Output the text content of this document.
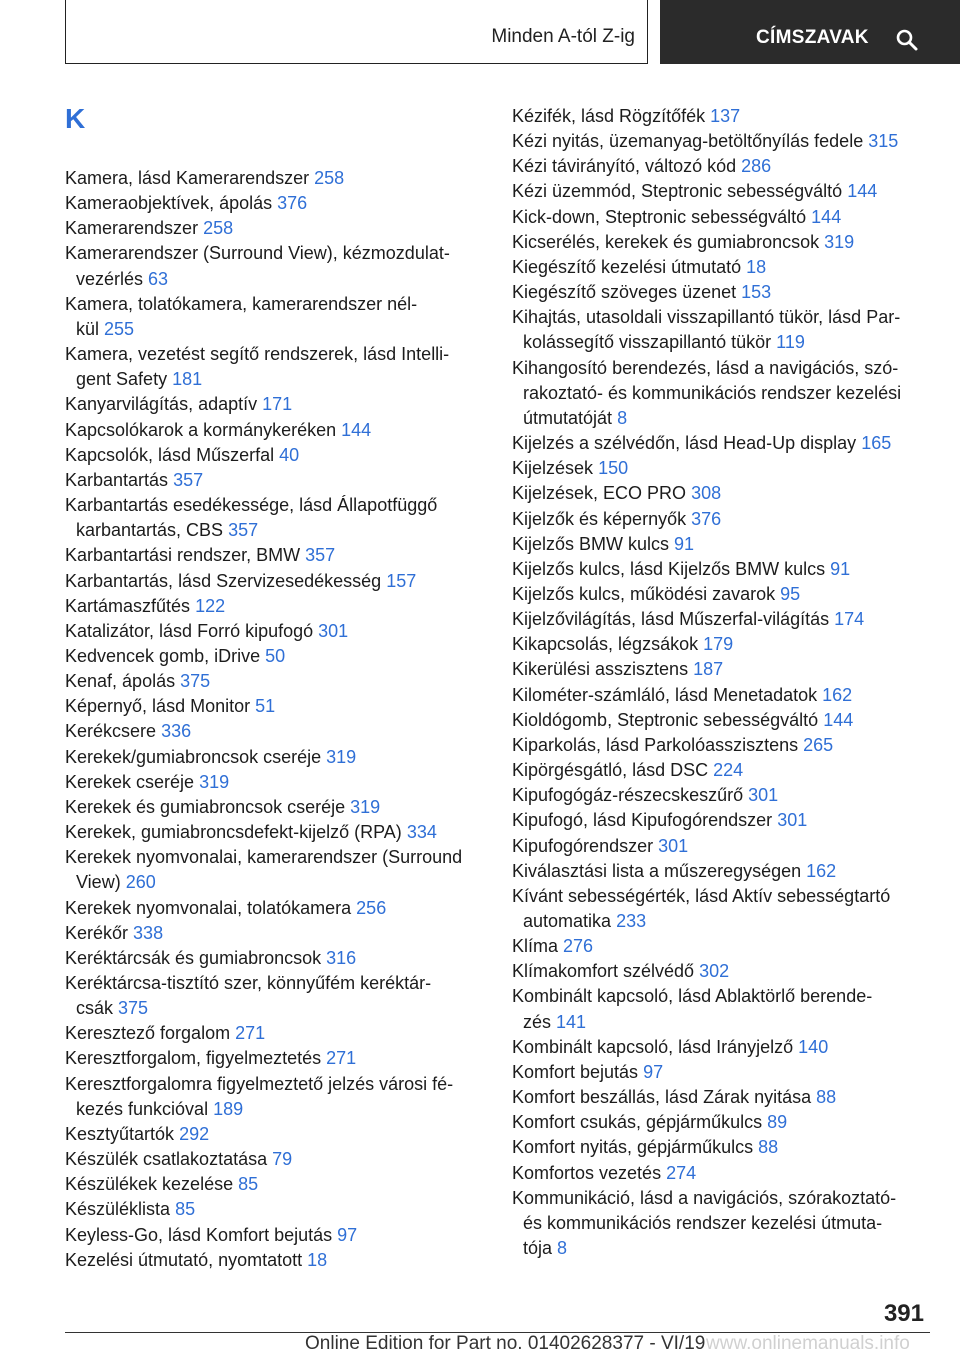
Minden A-tól Z-ig	CÍMSZAVAK
K
Kamera, lásd Kamerarendszer 258
Kameraobjektívek, ápolás 376
Kamerarendszer 258
Kamerarendszer (Surround View), kézmozdulat-
vezérlés 63
Kamera, tolatókamera, kamerarendszer nél-
kül 255
Kamera, vezetést segítő rendszerek, lásd Intelli-
gent Safety 181
Kanyarvilágítás, adaptív 171
Kapcsolókarok a kormánykeréken 144
Kapcsolók, lásd Műszerfal 40
Karbantartás 357
Karbantartás esedékessége, lásd Állapotfüggő
karbantartás, CBS 357
Karbantartási rendszer, BMW 357
Karbantartás, lásd Szervizesedékesség 157
Kartámaszfűtés 122
Katalizátor, lásd Forró kipufogó 301
Kedvencek gomb, iDrive 50
Kenaf, ápolás 375
Képernyő, lásd Monitor 51
Kerékcsere 336
Kerekek/gumiabroncsok cseréje 319
Kerekek cseréje 319
Kerekek és gumiabroncsok cseréje 319
Kerekek, gumiabroncsdefekt-kijelző (RPA) 334
Kerekek nyomvonalai, kamerarendszer (Surround
View) 260
Kerekek nyomvonalai, tolatókamera 256
Kerékőr 338
Keréktárcsák és gumiabroncsok 316
Keréktárcsa-tisztító szer, könnyűfém keréktár-
csák 375
Keresztező forgalom 271
Keresztforgalom, figyelmeztetés 271
Keresztforgalomra figyelmeztető jelzés városi fé-
kezés funkcióval 189
Kesztyűtartók 292
Készülék csatlakoztatása 79
Készülékek kezelése 85
Készüléklista 85
Keyless-Go, lásd Komfort bejutás 97
Kezelési útmutató, nyomtatott 18
Kézifék, lásd Rögzítőfék 137
Kézi nyitás, üzemanyag-betöltőnyílás fedele 315
Kézi távirányító, változó kód 286
Kézi üzemmód, Steptronic sebességváltó 144
Kick-down, Steptronic sebességváltó 144
Kicserélés, kerekek és gumiabroncsok 319
Kiegészítő kezelési útmutató 18
Kiegészítő szöveges üzenet 153
Kihajtás, utasoldali visszapillantó tükör, lásd Par-
kolássegítő visszapillantó tükör 119
Kihangosító berendezés, lásd a navigációs, szó-
rakoztató- és kommunikációs rendszer kezelési
útmutatóját 8
Kijelzés a szélvédőn, lásd Head-Up display 165
Kijelzések 150
Kijelzések, ECO PRO 308
Kijelzők és képernyők 376
Kijelzős BMW kulcs 91
Kijelzős kulcs, lásd Kijelzős BMW kulcs 91
Kijelzős kulcs, működési zavarok 95
Kijelzővilágítás, lásd Műszerfal-világítás 174
Kikapcsolás, légzsákok 179
Kikerülési asszisztens 187
Kilométer-számláló, lásd Menetadatok 162
Kioldógomb, Steptronic sebességváltó 144
Kiparkolás, lásd Parkolóasszisztens 265
Kipörgésgátló, lásd DSC 224
Kipufogógáz-részecskeszűrő 301
Kipufogó, lásd Kipufogórendszer 301
Kipufogórendszer 301
Kiválasztási lista a műszeregységen 162
Kívánt sebességérték, lásd Aktív sebességtartó
automatika 233
Klíma 276
Klímakomfort szélvédő 302
Kombinált kapcsoló, lásd Ablaktörlő berende-
zés 141
Kombinált kapcsoló, lásd Irányjelző 140
Komfort bejutás 97
Komfort beszállás, lásd Zárak nyitása 88
Komfort csukás, gépjárműkulcs 89
Komfort nyitás, gépjárműkulcs 88
Komfortos vezetés 274
Kommunikáció, lásd a navigációs, szórakoztató-
és kommunikációs rendszer kezelési útmuta-
tója 8
391
Online Edition for Part no. 01402628377 - VI/19 www.onlinemanuals.info
